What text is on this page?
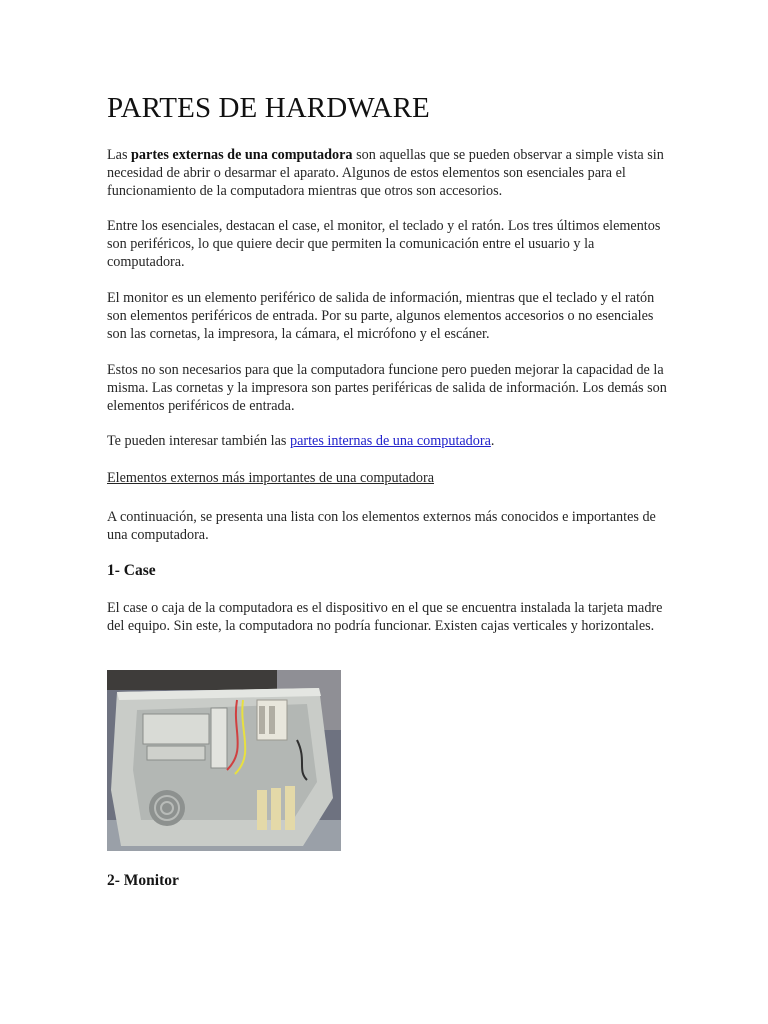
PARTES DE HARDWARE

Las partes externas de una computadora son aquellas que se pueden observar a simple vista sin necesidad de abrir o desarmar el aparato. Algunos de estos elementos son esenciales para el funcionamiento de la computadora mientras que otros son accesorios.

Entre los esenciales, destacan el case, el monitor, el teclado y el ratón. Los tres últimos elementos son periféricos, lo que quiere decir que permiten la comunicación entre el usuario y la computadora.

El monitor es un elemento periférico de salida de información, mientras que el teclado y el ratón son elementos periféricos de entrada. Por su parte, algunos elementos accesorios o no esenciales son las cornetas, la impresora, la cámara, el micrófono y el escáner.

Estos no son necesarios para que la computadora funcione pero pueden mejorar la capacidad de la misma. Las cornetas y la impresora son partes periféricas de salida de información. Los demás son elementos periféricos de entrada.

Te pueden interesar también las partes internas de una computadora.

Elementos externos más importantes de una computadora

A continuación, se presenta una lista con los elementos externos más conocidos e importantes de una computadora.

1- Case

El case o caja de la computadora es el dispositivo en el que se encuentra instalada la tarjeta madre del equipo. Sin este, la computadora no podría funcionar. Existen cajas verticales y horizontales.

2- Monitor
